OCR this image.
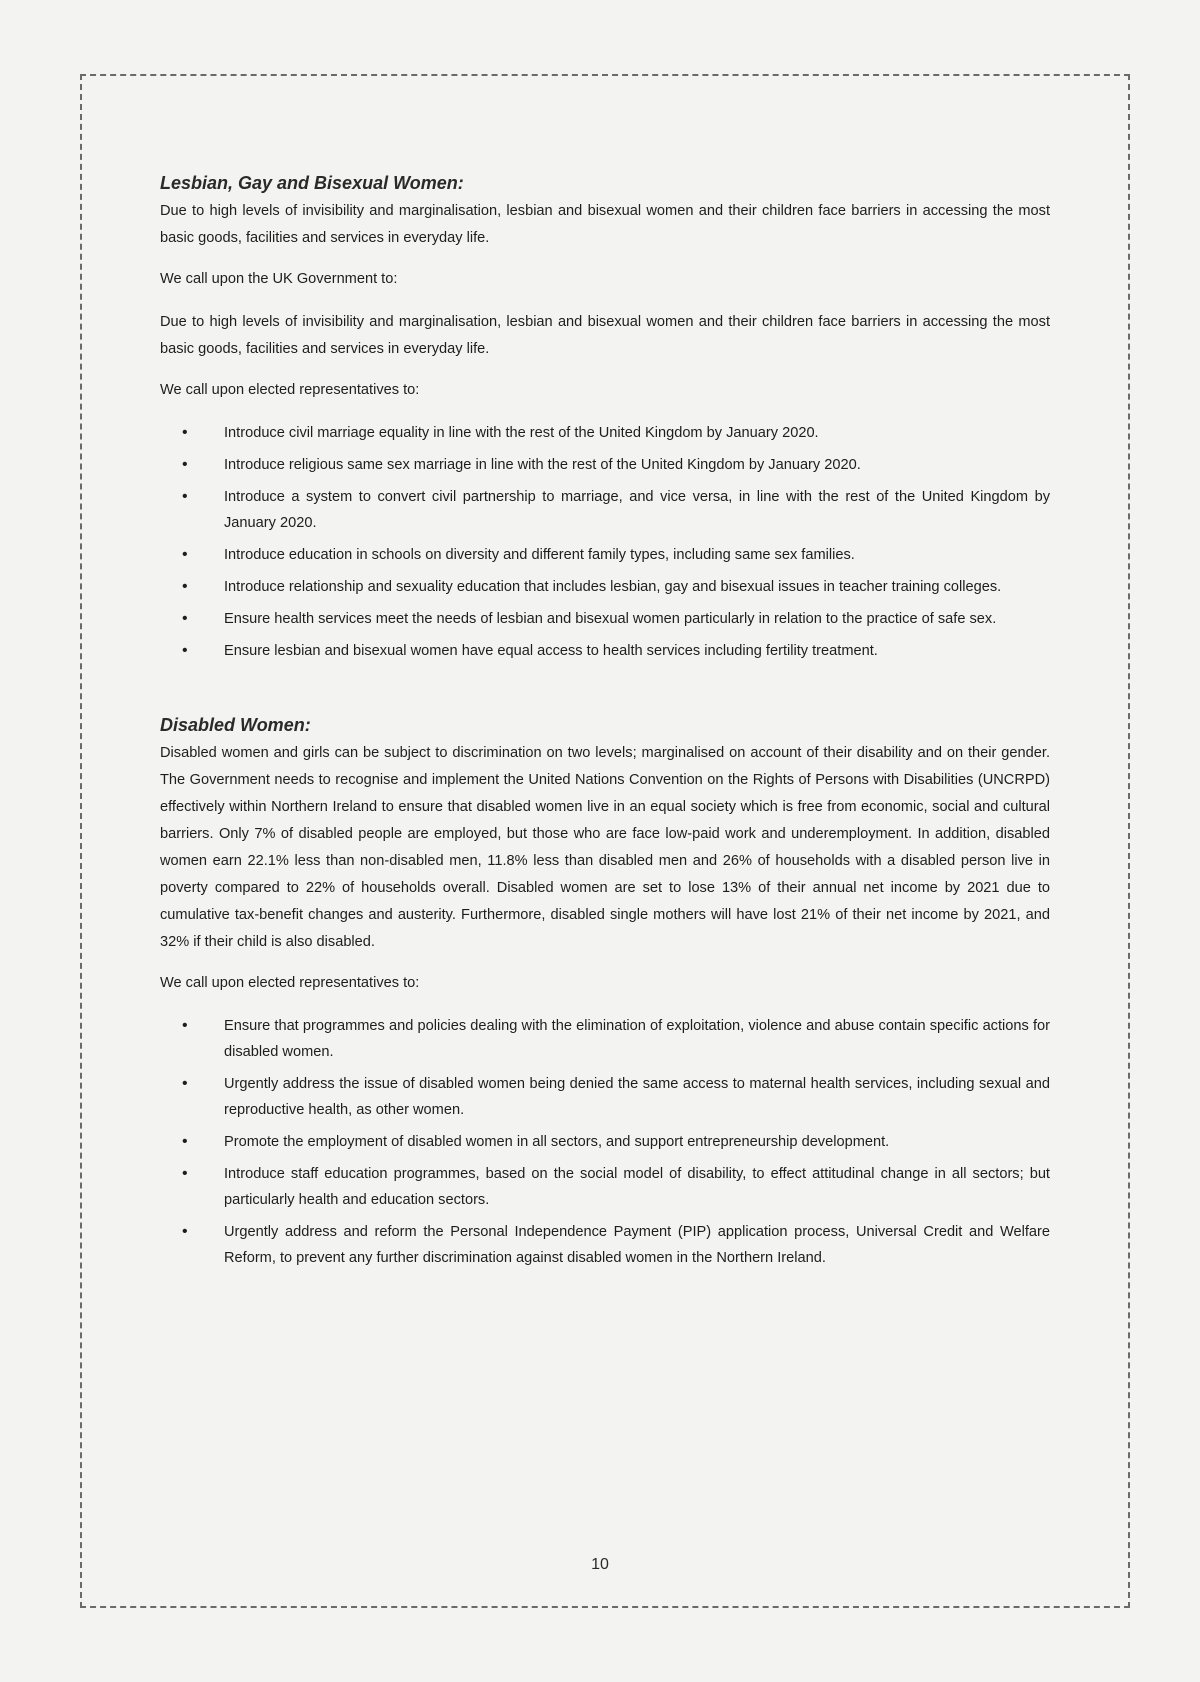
Lesbian, Gay and Bisexual Women:

Due to high levels of invisibility and marginalisation, lesbian and bisexual women and their children face barriers in accessing the most basic goods, facilities and services in everyday life.

We call upon the UK Government to:

Due to high levels of invisibility and marginalisation, lesbian and bisexual women and their children face barriers in accessing the most basic goods, facilities and services in everyday life.

We call upon elected representatives to:

• Introduce civil marriage equality in line with the rest of the United Kingdom by January 2020.
• Introduce religious same sex marriage in line with the rest of the United Kingdom by January 2020.
• Introduce a system to convert civil partnership to marriage, and vice versa, in line with the rest of the United Kingdom by January 2020.
• Introduce education in schools on diversity and different family types, including same sex families.
• Introduce relationship and sexuality education that includes lesbian, gay and bisexual issues in teacher training colleges.
• Ensure health services meet the needs of lesbian and bisexual women particularly in relation to the practice of safe sex.
• Ensure lesbian and bisexual women have equal access to health services including fertility treatment.
Disabled Women:

Disabled women and girls can be subject to discrimination on two levels; marginalised on account of their disability and on their gender. The Government needs to recognise and implement the United Nations Convention on the Rights of Persons with Disabilities (UNCRPD) effectively within Northern Ireland to ensure that disabled women live in an equal society which is free from economic, social and cultural barriers. Only 7% of disabled people are employed, but those who are face low-paid work and underemployment. In addition, disabled women earn 22.1% less than non-disabled men, 11.8% less than disabled men and 26% of households with a disabled person live in poverty compared to 22% of households overall. Disabled women are set to lose 13% of their annual net income by 2021 due to cumulative tax-benefit changes and austerity. Furthermore, disabled single mothers will have lost 21% of their net income by 2021, and 32% if their child is also disabled.

We call upon elected representatives to:

• Ensure that programmes and policies dealing with the elimination of exploitation, violence and abuse contain specific actions for disabled women.
• Urgently address the issue of disabled women being denied the same access to maternal health services, including sexual and reproductive health, as other women.
• Promote the employment of disabled women in all sectors, and support entrepreneurship development.
• Introduce staff education programmes, based on the social model of disability, to effect attitudinal change in all sectors; but particularly health and education sectors.
• Urgently address and reform the Personal Independence Payment (PIP) application process, Universal Credit and Welfare Reform, to prevent any further discrimination against disabled women in the Northern Ireland.
10
